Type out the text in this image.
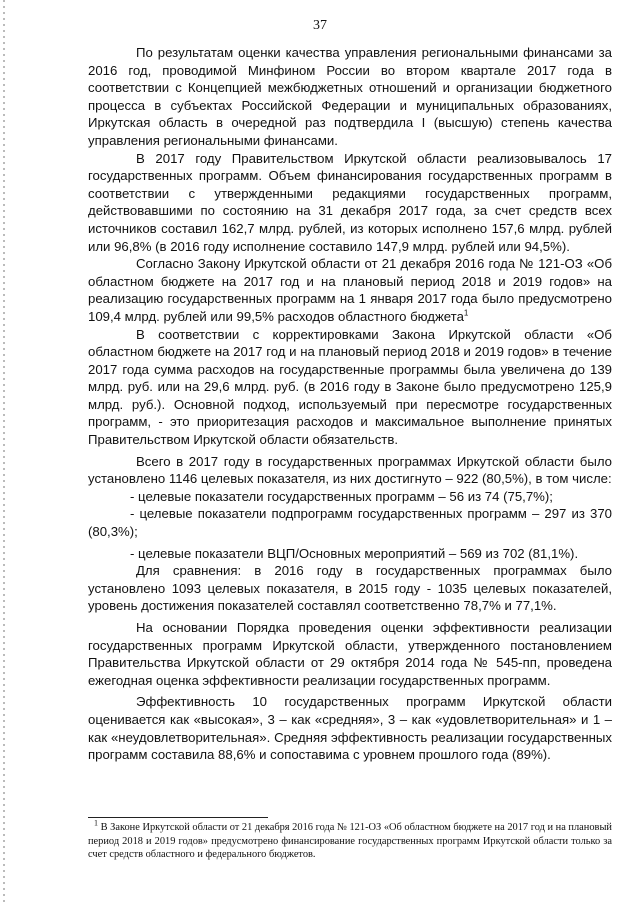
37

По результатам оценки качества управления региональными финансами за 2016 год, проводимой Минфином России во втором квартале 2017 года в соответствии с Концепцией межбюджетных отношений и организации бюджетного процесса в субъектах Российской Федерации и муниципальных образованиях, Иркутская область в очередной раз подтвердила I (высшую) степень качества управления региональными финансами.

В 2017 году Правительством Иркутской области реализовывалось 17 государственных программ. Объем финансирования государственных программ в соответствии с утвержденными редакциями государственных программ, действовавшими по состоянию на 31 декабря 2017 года, за счет средств всех источников составил 162,7 млрд. рублей, из которых исполнено 157,6 млрд. рублей или 96,8% (в 2016 году исполнение составило 147,9 млрд. рублей или 94,5%).

Согласно Закону Иркутской области от 21 декабря 2016 года № 121-ОЗ «Об областном бюджете на 2017 год и на плановый период 2018 и 2019 годов» на реализацию государственных программ на 1 января 2017 года было предусмотрено 109,4 млрд. рублей или 99,5% расходов областного бюджета$^1$

В соответствии с корректировками Закона Иркутской области «Об областном бюджете на 2017 год и на плановый период 2018 и 2019 годов» в течение 2017 года сумма расходов на государственные программы была увеличена до 139 млрд. руб. или на 29,6 млрд. руб. (в 2016 году в Законе было предусмотрено 125,9 млрд. руб.). Основной подход, используемый при пересмотре государственных программ, - это приоритезация расходов и максимальное выполнение принятых Правительством Иркутской области обязательств.

Всего в 2017 году в государственных программах Иркутской области было установлено 1146 целевых показателя, из них достигнуто – 922 (80,5%), в том числе:

- целевые показатели государственных программ – 56 из 74 (75,7%);

- целевые показатели подпрограмм государственных программ – 297 из 370 (80,3%);

- целевые показатели ВЦП/Основных мероприятий – 569 из 702 (81,1%).

Для сравнения: в 2016 году в государственных программах было установлено 1093 целевых показателя, в 2015 году - 1035 целевых показателей, уровень достижения показателей составлял соответственно 78,7% и 77,1%.

На основании Порядка проведения оценки эффективности реализации государственных программ Иркутской области, утвержденного постановлением Правительства Иркутской области от 29 октября 2014 года № 545-пп, проведена ежегодная оценка эффективности реализации государственных программ.

Эффективность 10 государственных программ Иркутской области оценивается как «высокая», 3 – как «средняя», 3 – как «удовлетворительная» и 1 – как «неудовлетворительная». Средняя эффективность реализации государственных программ составила 88,6% и сопоставима с уровнем прошлого года (89%).

$^1$ В Законе Иркутской области от 21 декабря 2016 года № 121-ОЗ «Об областном бюджете на 2017 год и на плановый период 2018 и 2019 годов» предусмотрено финансирование государственных программ Иркутской области только за счет средств областного и федерального бюджетов.
